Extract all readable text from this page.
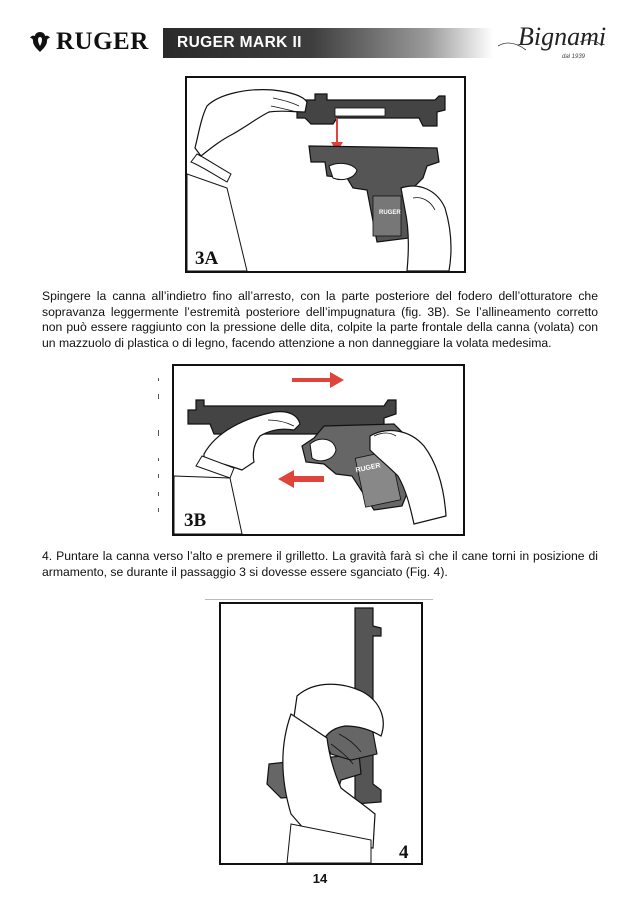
RUGER RUGER MARK II	Bignami
dal 1939
RUGER
3A

Spingere la canna all’indietro fino all’arresto, con la parte posteriore del fodero dell’otturatore che sopravanza leggermente l’estremità posteriore dell’impugnatura (fig. 3B). Se l’allineamento corretto non può essere raggiunto con la pressione delle dita, colpite la parte frontale della canna (volata) con un mazzuolo di plastica o di legno, facendo attenzione a non danneggiare la volata medesima.

RUGER
3B

4. Puntare la canna verso l’alto e premere il grilletto. La gravità farà sì che il cane torni in posizione di armamento, se durante il passaggio 3 si dovesse essere sganciato (Fig. 4).

4
14
